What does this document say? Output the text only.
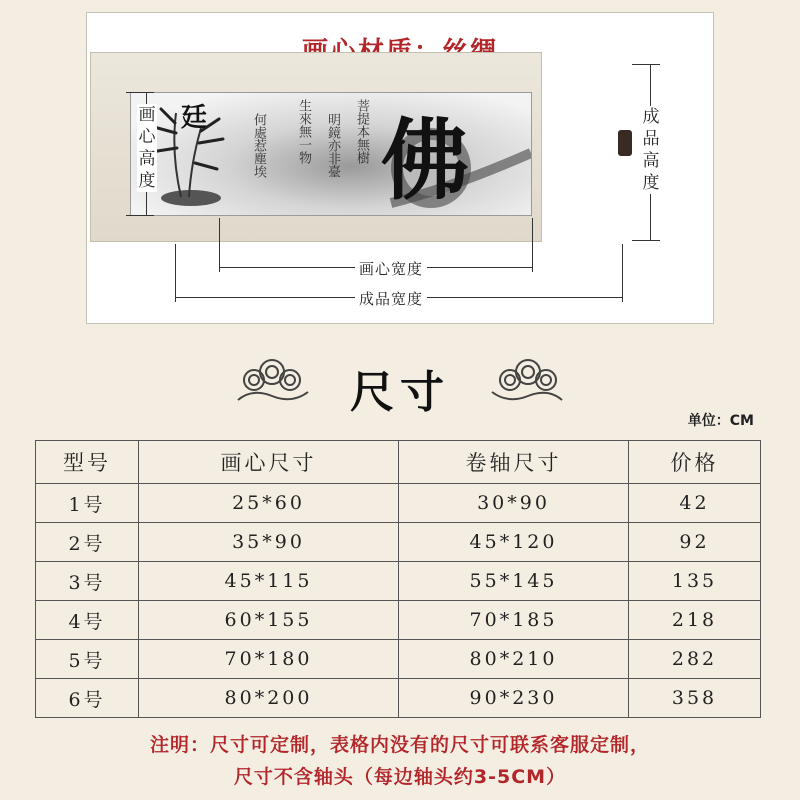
廷 佛
菩提本無樹
明鏡亦非臺
生來無一物
何處惹塵埃
画
心
高
度
成
品
高
度
画心宽度
成品宽度
尺寸
单位：CM
型号	画心尺寸	卷轴尺寸	价格
1号	25*60	30*90	42
2号	35*90	45*120	92
3号	45*115	55*145	135
4号	60*155	70*185	218
5号	70*180	80*210	282
6号	80*200	90*230	358
注明：尺寸可定制，表格内没有的尺寸可联系客服定制，
尺寸不含轴头（每边轴头约3-5CM）
